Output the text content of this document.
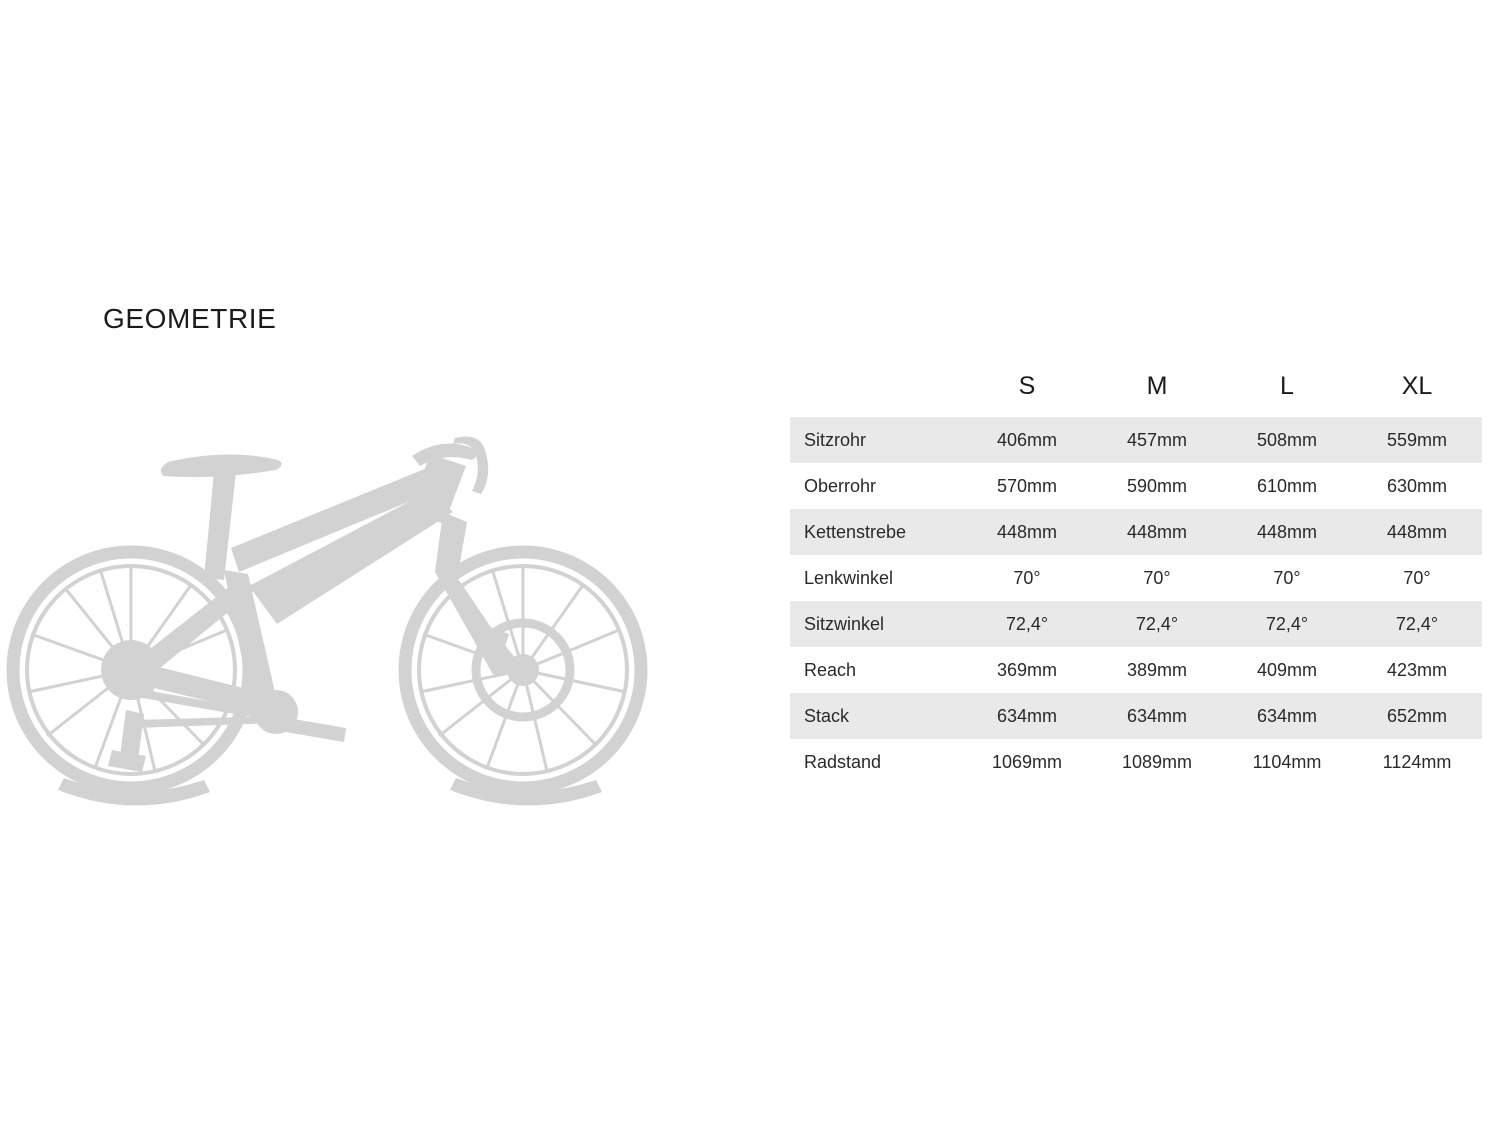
GEOMETRIE
	S	M	L	XL
Sitzrohr	406mm	457mm	508mm	559mm
Oberrohr	570mm	590mm	610mm	630mm
Kettenstrebe	448mm	448mm	448mm	448mm
Lenkwinkel	70°	70°	70°	70°
Sitzwinkel	72,4°	72,4°	72,4°	72,4°
Reach	369mm	389mm	409mm	423mm
Stack	634mm	634mm	634mm	652mm
Radstand	1069mm	1089mm	1104mm	1124mm
